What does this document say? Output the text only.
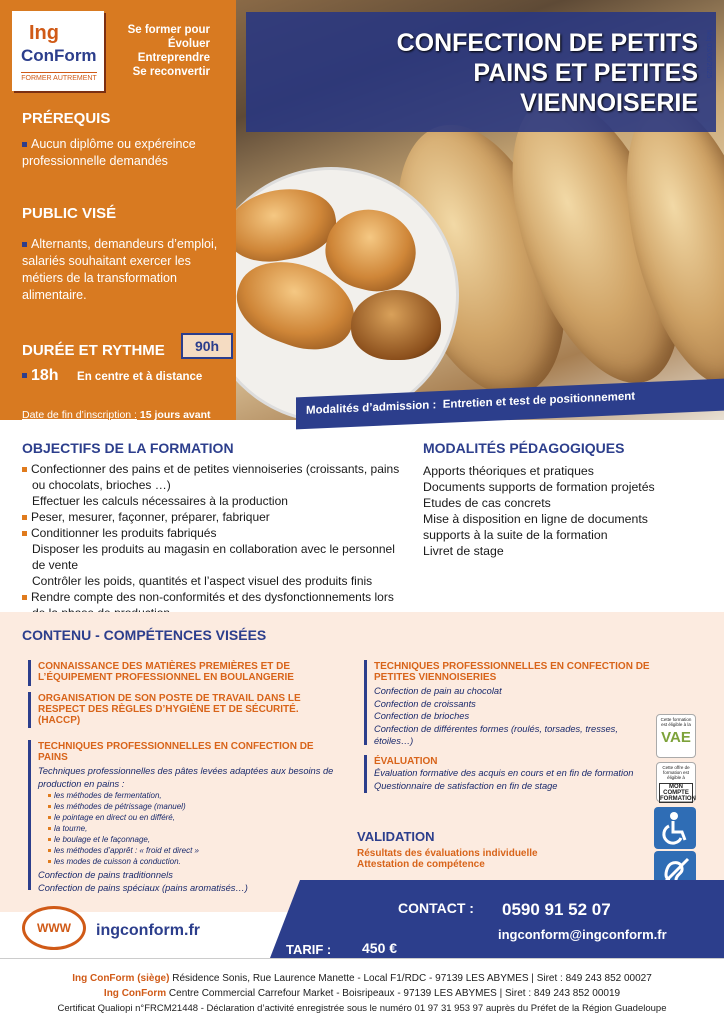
Ing
ConForm
FORMER AUTREMENT
Se former pour
Évoluer
Entreprendre
Se reconvertir
PRÉREQUIS
Aucun diplôme ou expéreince professionnelle demandés
PUBLIC VISÉ
Alternants, demandeurs d’emploi, salariés souhaitant exercer les métiers de la transformation alimentaire.
DURÉE ET RYTHME	90h
18h En centre et à distance
Date de fin d’inscription : 15 jours avant
CONFECTION DE PETITS
PAINS ET PETITES
VIENNOISERIE
Maj 03/06/2025
Modalités d’admission : Entretien et test de positionnement
OBJECTIFS DE LA FORMATION
Confectionner des pains et de petites viennoiseries (croissants, pains ou chocolats, brioches …)
Effectuer les calculs nécessaires à la production
Peser, mesurer, façonner, préparer, fabriquer
Conditionner les produits fabriqués
Disposer les produits au magasin en collaboration avec le personnel de vente
Contrôler les poids, quantités et l’aspect visuel des produits finis
Rendre compte des non-conformités et des dysfonctionnements lors
MODALITÉS PÉDAGOGIQUES
Apports théoriques et pratiques
Documents supports de formation projetés
Etudes de cas concrets
Mise à disposition en ligne de documents supports à la suite de la formation
Livret de stage
CONTENU - COMPÉTENCES VISÉES
CONNAISSANCE DES MATIÈRES PREMIÈRES ET DE L’ÉQUIPEMENT PROFESSIONNEL EN BOULANGERIE
ORGANISATION DE SON POSTE DE TRAVAIL DANS LE RESPECT DES RÈGLES D’HYGIÈNE ET DE SÉCURITÉ. (HACCP)
TECHNIQUES PROFESSIONNELLES EN CONFECTION DE PAINS
Techniques professionnelles des pâtes levées adaptées aux besoins de production en pains :
les méthodes de fermentation,
les méthodes de pétrissage (manuel)
le pointage en direct ou en différé,
la tourne,
le boulage et le façonnage,
les méthodes d’apprêt : « froid et direct »
les modes de cuisson à conduction.
Confection de pains traditionnels
Confection de pains spéciaux (pains aromatisés…)
TECHNIQUES PROFESSIONNELLES EN CONFECTION DE PETITES VIENNOISERIES
Confection de pain au chocolat
Confection de croissants
Confection de brioches
Confection de différentes formes (roulés, torsades, tresses, étoiles…)
ÉVALUATION
Évaluation formative des acquis en cours et en fin de formation
Questionnaire de satisfaction en fin de stage
VALIDATION
Résultats des évaluations individuelle
Attestation de compétence
Cette formation est éligible à la
VAE
Cette offre de formation est éligible à
MON COMPTE FORMATION
CONTACT : 0590 91 52 07
ingconform@ingconform.fr
TARIF : 450 €
WWW	ingconform.fr
Ing ConForm (siège) Résidence Sonis, Rue Laurence Manette - Local F1/RDC - 97139 LES ABYMES | Siret : 849 243 852 00027
Ing ConForm Centre Commercial Carrefour Market - Boisripeaux - 97139 LES ABYMES | Siret : 849 243 852 00019
Certificat Qualiopi n°FRCM21448 - Déclaration d’activité enregistrée sous le numéro 01 97 31 953 97 auprès du Préfet de la Région Guadeloupe
